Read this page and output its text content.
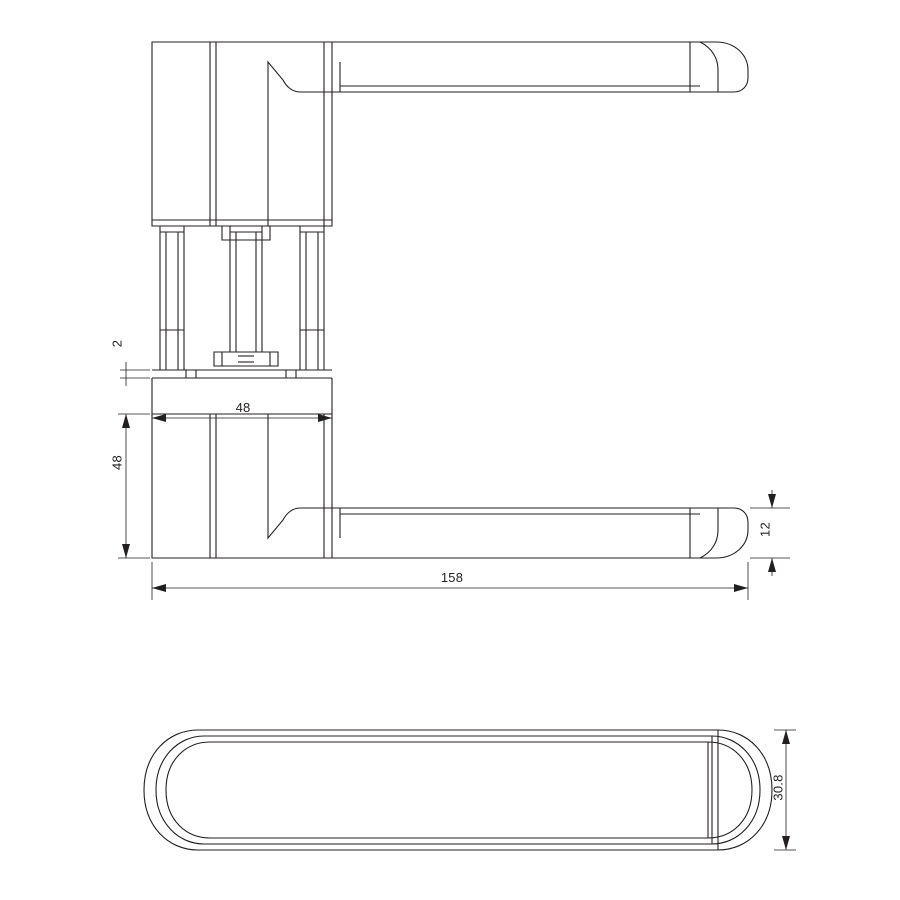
2
48
48
12
158
30.8
